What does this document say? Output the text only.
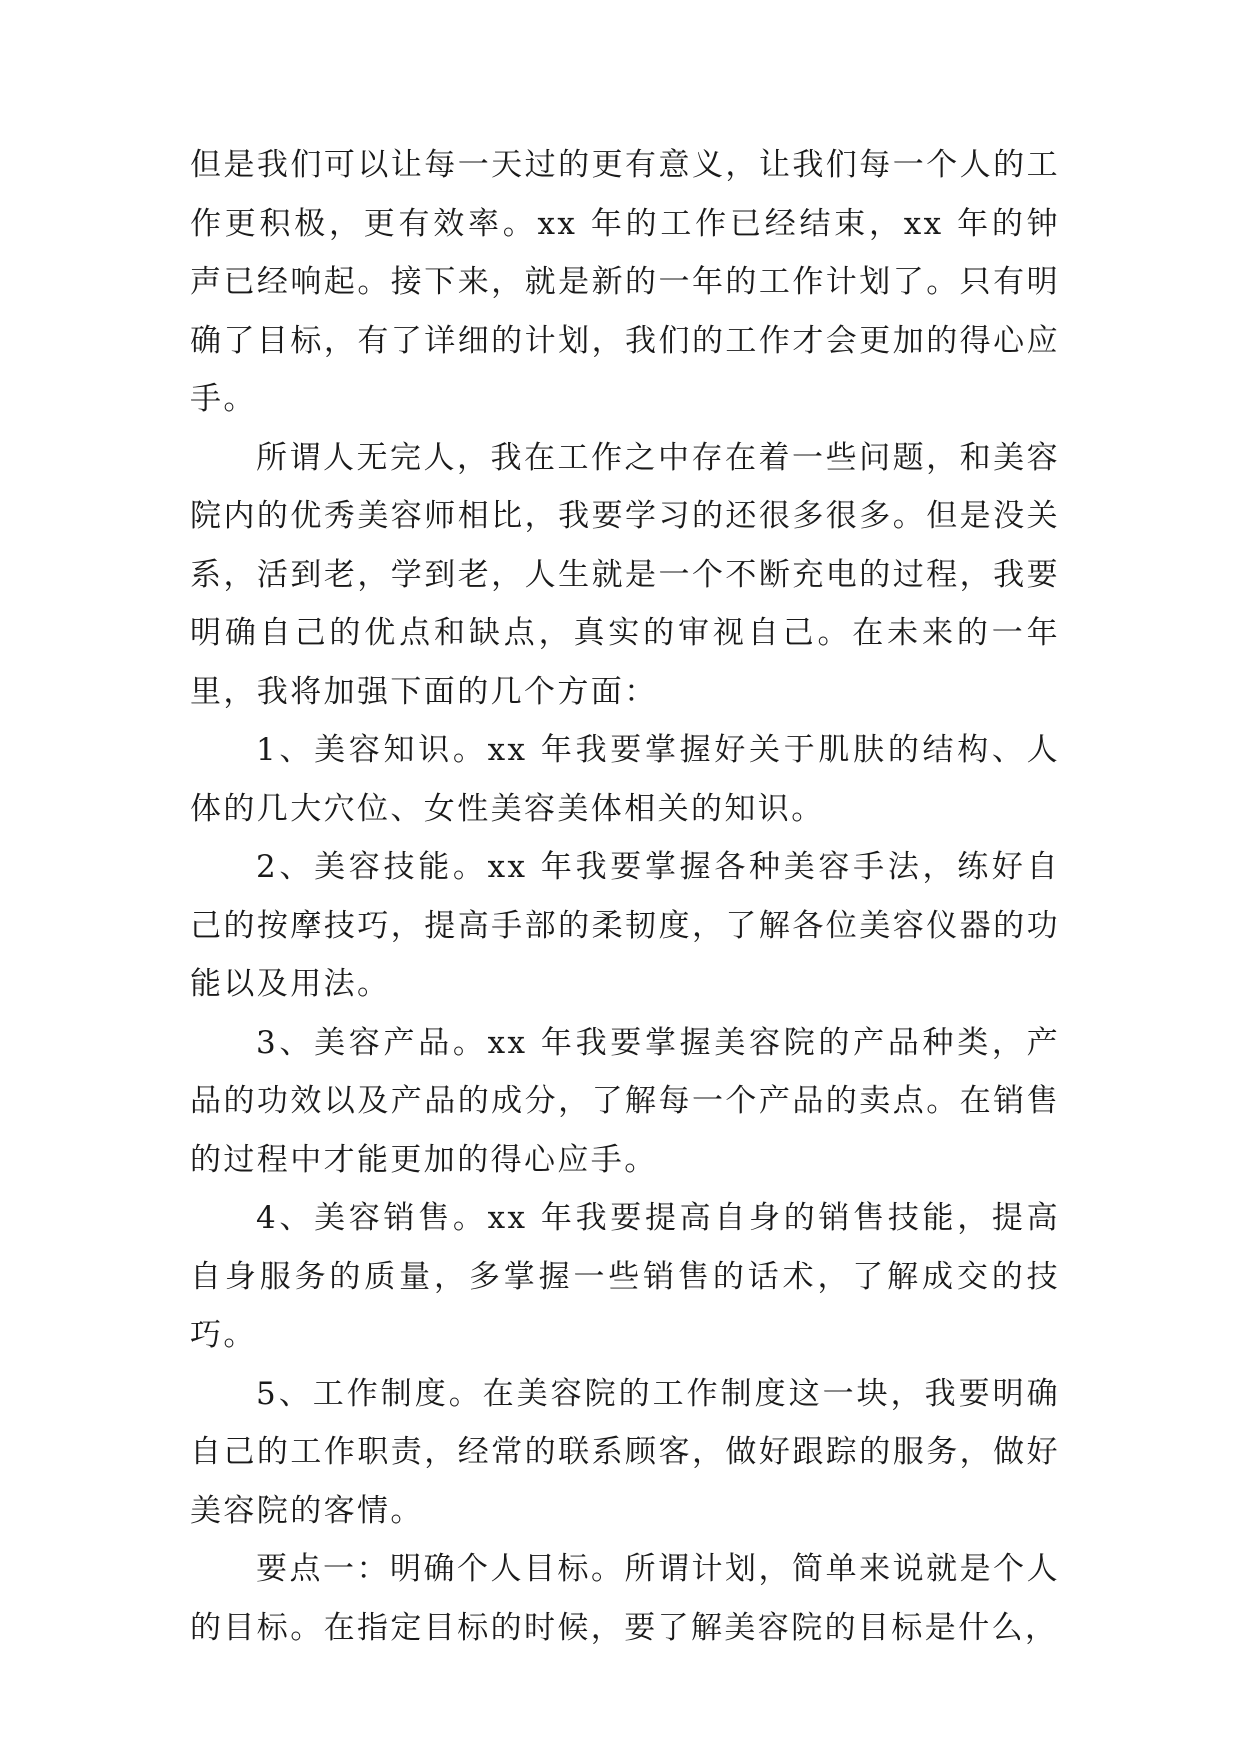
但是我们可以让每一天过的更有意义，让我们每一个人的工作更积极，更有效率。xx 年的工作已经结束，xx 年的钟声已经响起。接下来，就是新的一年的工作计划了。只有明确了目标，有了详细的计划，我们的工作才会更加的得心应手。

所谓人无完人，我在工作之中存在着一些问题，和美容院内的优秀美容师相比，我要学习的还很多很多。但是没关系，活到老，学到老，人生就是一个不断充电的过程，我要明确自己的优点和缺点，真实的审视自己。在未来的一年里，我将加强下面的几个方面：

1、美容知识。xx 年我要掌握好关于肌肤的结构、人体的几大穴位、女性美容美体相关的知识。

2、美容技能。xx 年我要掌握各种美容手法，练好自己的按摩技巧，提高手部的柔韧度，了解各位美容仪器的功能以及用法。

3、美容产品。xx 年我要掌握美容院的产品种类，产品的功效以及产品的成分，了解每一个产品的卖点。在销售的过程中才能更加的得心应手。

4、美容销售。xx 年我要提高自身的销售技能，提高自身服务的质量，多掌握一些销售的话术，了解成交的技巧。

5、工作制度。在美容院的工作制度这一块，我要明确自己的工作职责，经常的联系顾客，做好跟踪的服务，做好美容院的客情。

要点一：明确个人目标。所谓计划，简单来说就是个人的目标。在指定目标的时候，要了解美容院的目标是什么，
